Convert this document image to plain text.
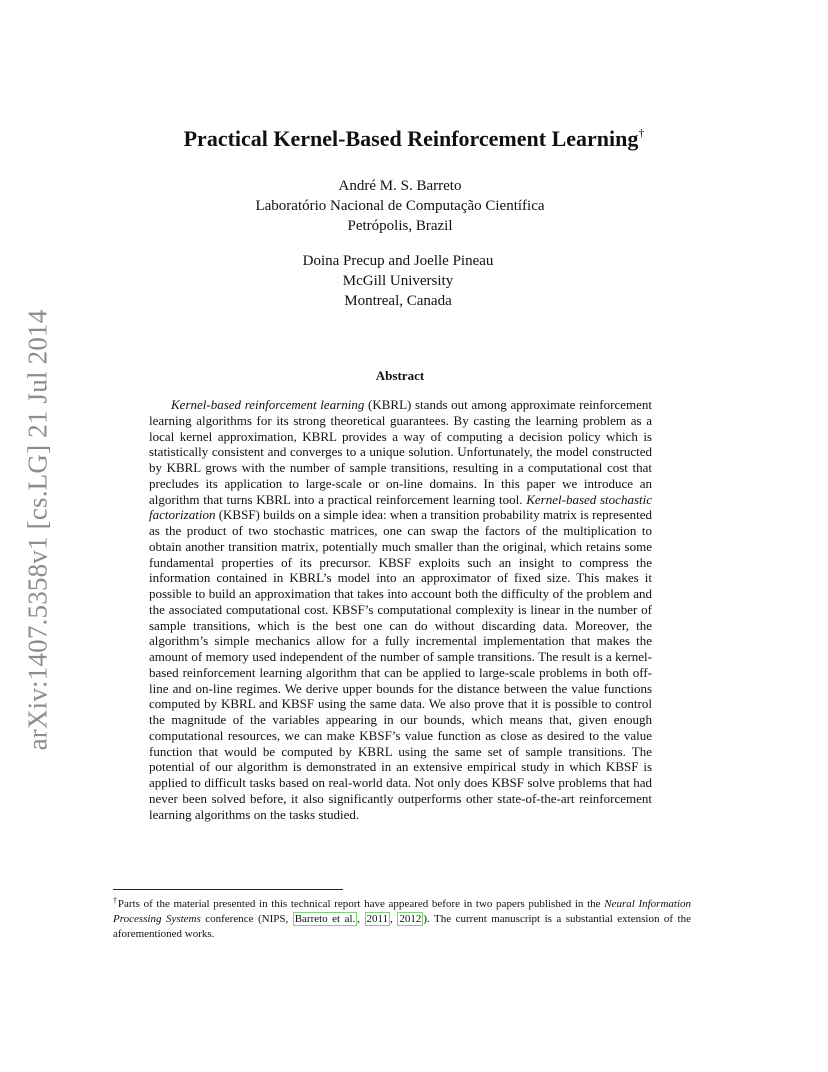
arXiv:1407.5358v1 [cs.LG] 21 Jul 2014
Practical Kernel-Based Reinforcement Learning†
André M. S. Barreto
Laboratório Nacional de Computação Científica
Petrópolis, Brazil
Doina Precup and Joelle Pineau
McGill University
Montreal, Canada
Abstract
Kernel-based reinforcement learning (KBRL) stands out among approximate reinforcement learning algorithms for its strong theoretical guarantees. By casting the learning problem as a local kernel approximation, KBRL provides a way of computing a decision policy which is statistically consistent and converges to a unique solution. Unfortunately, the model constructed by KBRL grows with the number of sample transitions, resulting in a computational cost that precludes its application to large-scale or on-line domains. In this paper we introduce an algorithm that turns KBRL into a practical reinforcement learning tool. Kernel-based stochastic factorization (KBSF) builds on a simple idea: when a transition probability matrix is represented as the product of two stochastic matrices, one can swap the factors of the multiplication to obtain another transition matrix, potentially much smaller than the original, which retains some fundamental properties of its precursor. KBSF exploits such an insight to compress the information contained in KBRL’s model into an approximator of fixed size. This makes it possible to build an approximation that takes into account both the difficulty of the problem and the associated computational cost. KBSF’s computational complexity is linear in the number of sample transitions, which is the best one can do without discarding data. Moreover, the algorithm’s simple mechanics allow for a fully incremental implementation that makes the amount of memory used independent of the number of sample transitions. The result is a kernel-based reinforcement learning algorithm that can be applied to large-scale problems in both off-line and on-line regimes. We derive upper bounds for the distance between the value functions computed by KBRL and KBSF using the same data. We also prove that it is possible to control the magnitude of the variables appearing in our bounds, which means that, given enough computational resources, we can make KBSF’s value function as close as desired to the value function that would be computed by KBRL using the same set of sample transitions. The potential of our algorithm is demonstrated in an extensive empirical study in which KBSF is applied to difficult tasks based on real-world data. Not only does KBSF solve problems that had never been solved before, it also significantly outperforms other state-of-the-art reinforcement learning algorithms on the tasks studied.
†Parts of the material presented in this technical report have appeared before in two papers published in the Neural Information Processing Systems conference (NIPS, Barreto et al. , 2011 , 2012 ). The current manuscript is a substantial extension of the aforementioned works.
